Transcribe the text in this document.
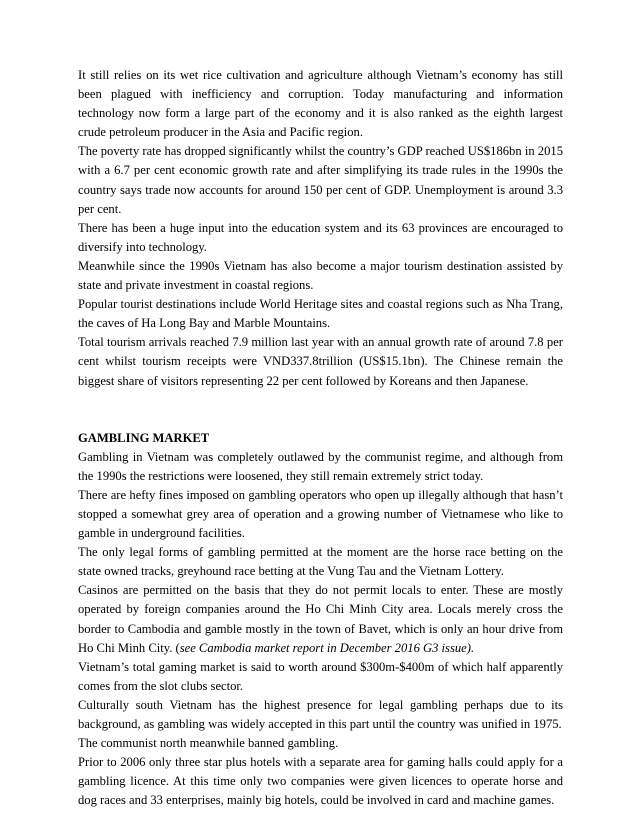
It still relies on its wet rice cultivation and agriculture although Vietnam’s economy has still been plagued with inefficiency and corruption. Today manufacturing and information technology now form a large part of the economy and it is also ranked as the eighth largest crude petroleum producer in the Asia and Pacific region.

The poverty rate has dropped significantly whilst the country’s GDP reached US$186bn in 2015 with a 6.7 per cent economic growth rate and after simplifying its trade rules in the 1990s the country says trade now accounts for around 150 per cent of GDP. Unemployment is around 3.3 per cent.

There has been a huge input into the education system and its 63 provinces are encouraged to diversify into technology.

Meanwhile since the 1990s Vietnam has also become a major tourism destination assisted by state and private investment in coastal regions.

Popular tourist destinations include World Heritage sites and coastal regions such as Nha Trang, the caves of Ha Long Bay and Marble Mountains.

Total tourism arrivals reached 7.9 million last year with an annual growth rate of around 7.8 per cent whilst tourism receipts were VND337.8trillion (US$15.1bn). The Chinese remain the biggest share of visitors representing 22 per cent followed by Koreans and then Japanese.

GAMBLING MARKET

Gambling in Vietnam was completely outlawed by the communist regime, and although from the 1990s the restrictions were loosened, they still remain extremely strict today.

There are hefty fines imposed on gambling operators who open up illegally although that hasn’t stopped a somewhat grey area of operation and a growing number of Vietnamese who like to gamble in underground facilities.

The only legal forms of gambling permitted at the moment are the horse race betting on the state owned tracks, greyhound race betting at the Vung Tau and the Vietnam Lottery.

Casinos are permitted on the basis that they do not permit locals to enter. These are mostly operated by foreign companies around the Ho Chi Minh City area. Locals merely cross the border to Cambodia and gamble mostly in the town of Bavet, which is only an hour drive from Ho Chi Minh City. (see Cambodia market report in December 2016 G3 issue).

Vietnam’s total gaming market is said to worth around $300m-$400m of which half apparently comes from the slot clubs sector.

Culturally south Vietnam has the highest presence for legal gambling perhaps due to its background, as gambling was widely accepted in this part until the country was unified in 1975.

The communist north meanwhile banned gambling.

Prior to 2006 only three star plus hotels with a separate area for gaming halls could apply for a gambling licence. At this time only two companies were given licences to operate horse and dog races and 33 enterprises, mainly big hotels, could be involved in card and machine games.
